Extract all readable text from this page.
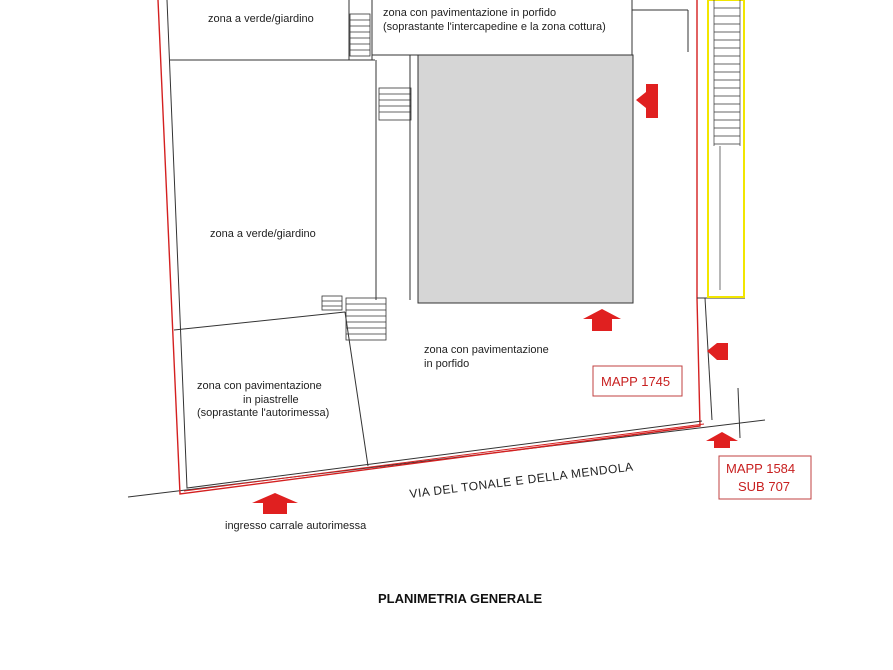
zona a verde/giardino	zona con pavimentazione in porfido
(soprastante l'intercapedine e la zona cottura)
zona a verde/giardino
zona con pavimentazione
in porfido
zona con pavimentazione
in piastrelle
(soprastante l'autorimessa)
VIA DEL TONALE E DELLA MENDOLA
ingresso carrale autorimessa
MAPP 1745
MAPP 1584
SUB 707
PLANIMETRIA GENERALE
